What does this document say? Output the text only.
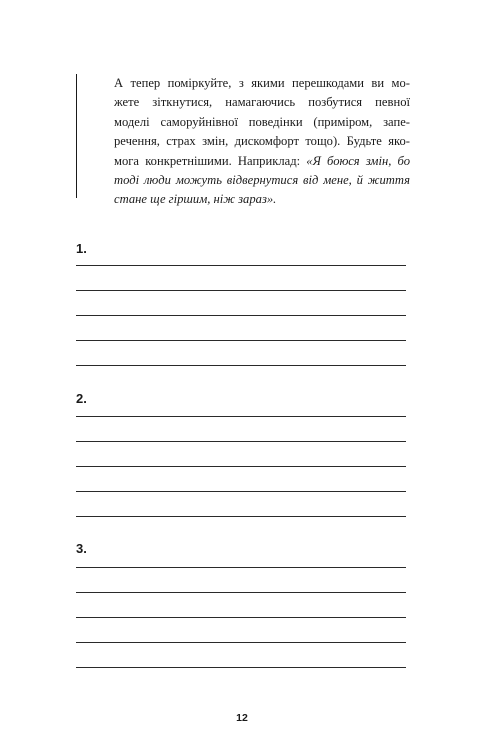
А тепер поміркуйте, з якими перешкодами ви мо-
жете зіткнутися, намагаючись позбутися певної
моделі саморуйнівної поведінки (приміром, запе-
речення, страх змін, дискомфорт тощо). Будьте яко-
мога конкретнішими. Наприклад: «Я боюся змін, бо
тоді люди можуть відвернутися від мене, й життя
стане ще гіршим, ніж зараз».
1.
2.
3.
12
